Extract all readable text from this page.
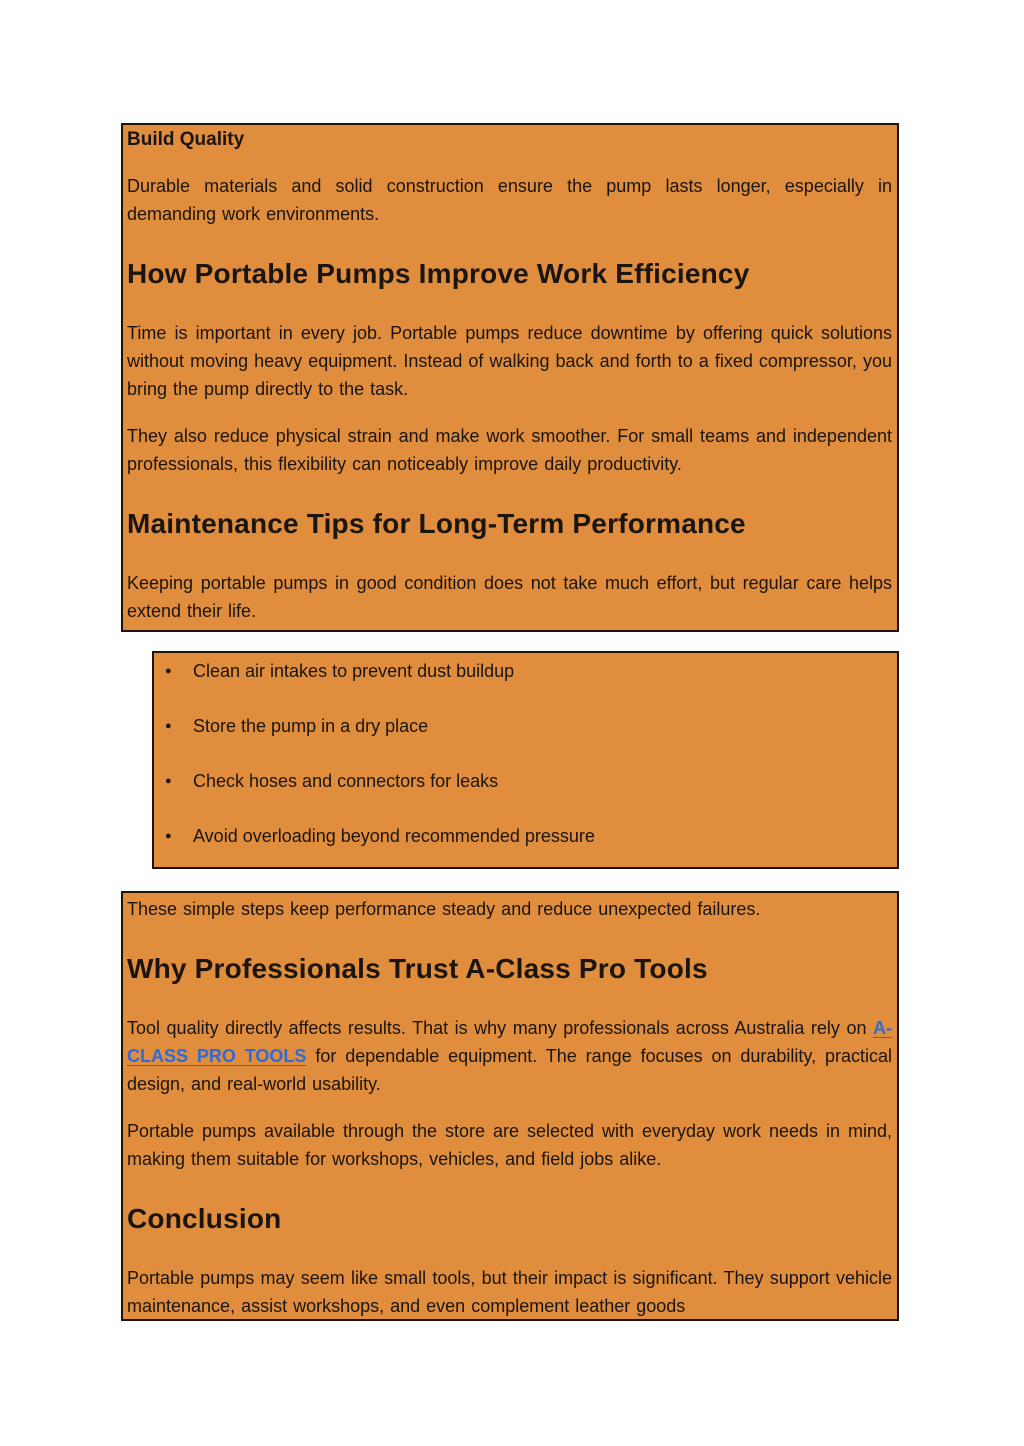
Build Quality

Durable materials and solid construction ensure the pump lasts longer, especially in demanding work environments.

How Portable Pumps Improve Work Efficiency

Time is important in every job. Portable pumps reduce downtime by offering quick solutions without moving heavy equipment. Instead of walking back and forth to a fixed compressor, you bring the pump directly to the task.

They also reduce physical strain and make work smoother. For small teams and independent professionals, this flexibility can noticeably improve daily productivity.

Maintenance Tips for Long-Term Performance

Keeping portable pumps in good condition does not take much effort, but regular care helps extend their life.

●	Clean air intakes to prevent dust buildup
●	Store the pump in a dry place
●	Check hoses and connectors for leaks
●	Avoid overloading beyond recommended pressure

These simple steps keep performance steady and reduce unexpected failures.

Why Professionals Trust A-Class Pro Tools

Tool quality directly affects results. That is why many professionals across Australia rely on A-CLASS PRO TOOLS for dependable equipment. The range focuses on durability, practical design, and real-world usability.

Portable pumps available through the store are selected with everyday work needs in mind, making them suitable for workshops, vehicles, and field jobs alike.

Conclusion

Portable pumps may seem like small tools, but their impact is significant. They support vehicle maintenance, assist workshops, and even complement leather goods
